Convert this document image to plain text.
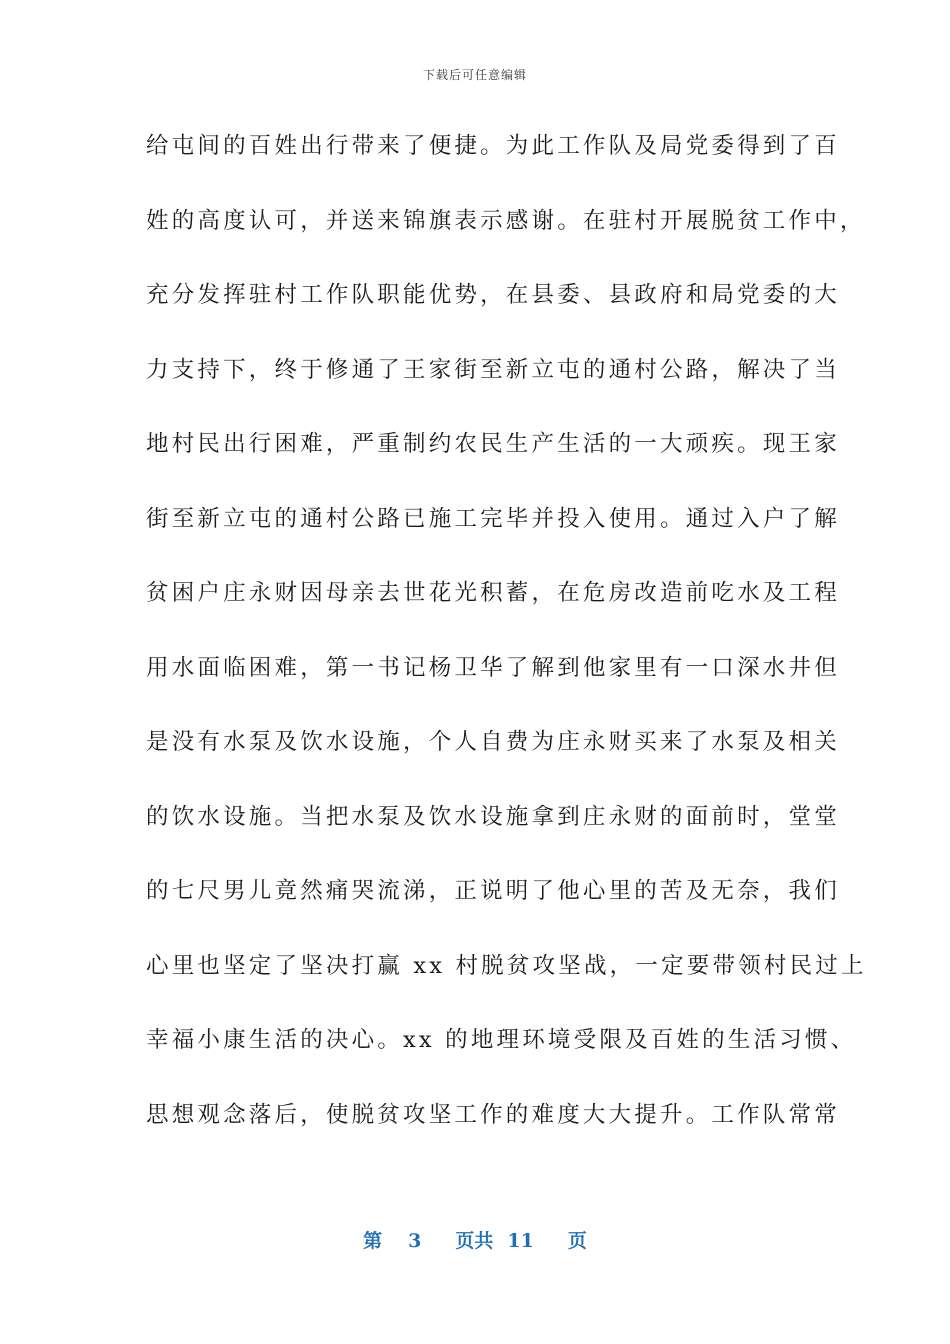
下载后可任意编辑
给屯间的百姓出行带来了便捷。为此工作队及局党委得到了百
姓的高度认可，并送来锦旗表示感谢。在驻村开展脱贫工作中，
充分发挥驻村工作队职能优势，在县委、县政府和局党委的大
力支持下，终于修通了王家街至新立屯的通村公路，解决了当
地村民出行困难，严重制约农民生产生活的一大顽疾。现王家
街至新立屯的通村公路已施工完毕并投入使用。通过入户了解
贫困户庄永财因母亲去世花光积蓄，在危房改造前吃水及工程
用水面临困难，第一书记杨卫华了解到他家里有一口深水井但
是没有水泵及饮水设施，个人自费为庄永财买来了水泵及相关
的饮水设施。当把水泵及饮水设施拿到庄永财的面前时，堂堂
的七尺男儿竟然痛哭流涕，正说明了他心里的苦及无奈，我们
心里也坚定了坚决打赢 xx 村脱贫攻坚战，一定要带领村民过上
幸福小康生活的决心。xx 的地理环境受限及百姓的生活习惯、
思想观念落后，使脱贫攻坚工作的难度大大提升。工作队常常
第 3 页共 11 页
